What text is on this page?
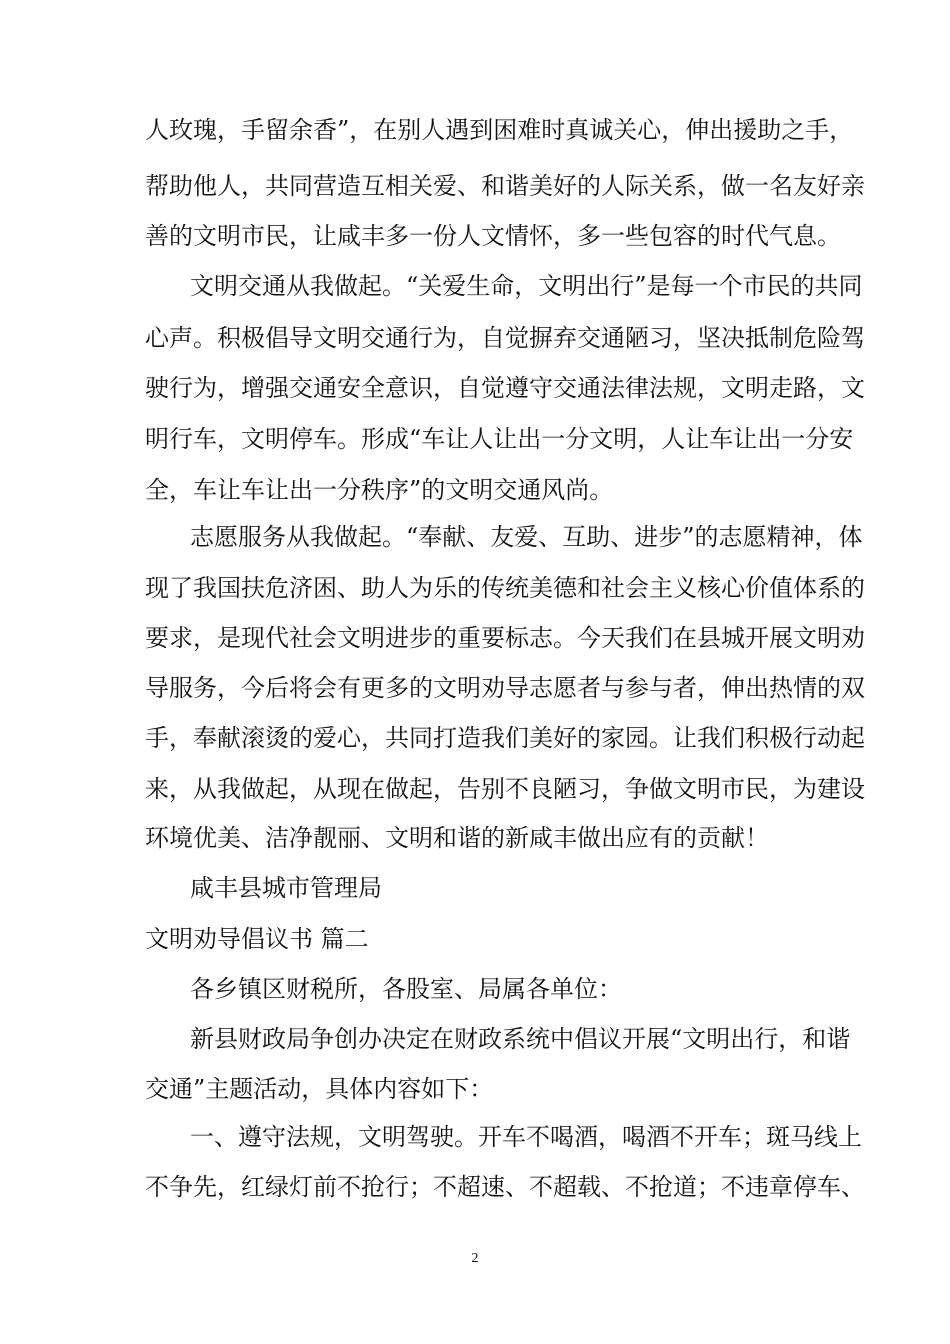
人玫瑰，手留余香”，在别人遇到困难时真诚关心，伸出援助之手，
帮助他人，共同营造互相关爱、和谐美好的人际关系，做一名友好亲
善的文明市民，让咸丰多一份人文情怀，多一些包容的时代气息。
文明交通从我做起。“关爱生命，文明出行”是每一个市民的共同
心声。积极倡导文明交通行为，自觉摒弃交通陋习，坚决抵制危险驾
驶行为，增强交通安全意识，自觉遵守交通法律法规，文明走路，文
明行车，文明停车。形成“车让人让出一分文明，人让车让出一分安
全，车让车让出一分秩序”的文明交通风尚。
志愿服务从我做起。“奉献、友爱、互助、进步”的志愿精神，体
现了我国扶危济困、助人为乐的传统美德和社会主义核心价值体系的
要求，是现代社会文明进步的重要标志。今天我们在县城开展文明劝
导服务，今后将会有更多的文明劝导志愿者与参与者，伸出热情的双
手，奉献滚烫的爱心，共同打造我们美好的家园。让我们积极行动起
来，从我做起，从现在做起，告别不良陋习，争做文明市民，为建设
环境优美、洁净靓丽、文明和谐的新咸丰做出应有的贡献！
咸丰县城市管理局
文明劝导倡议书 篇二
各乡镇区财税所，各股室、局属各单位：
新县财政局争创办决定在财政系统中倡议开展“文明出行，和谐
交通”主题活动，具体内容如下：
一、遵守法规，文明驾驶。开车不喝酒，喝酒不开车；斑马线上
不争先，红绿灯前不抢行；不超速、不超载、不抢道；不违章停车、
2
